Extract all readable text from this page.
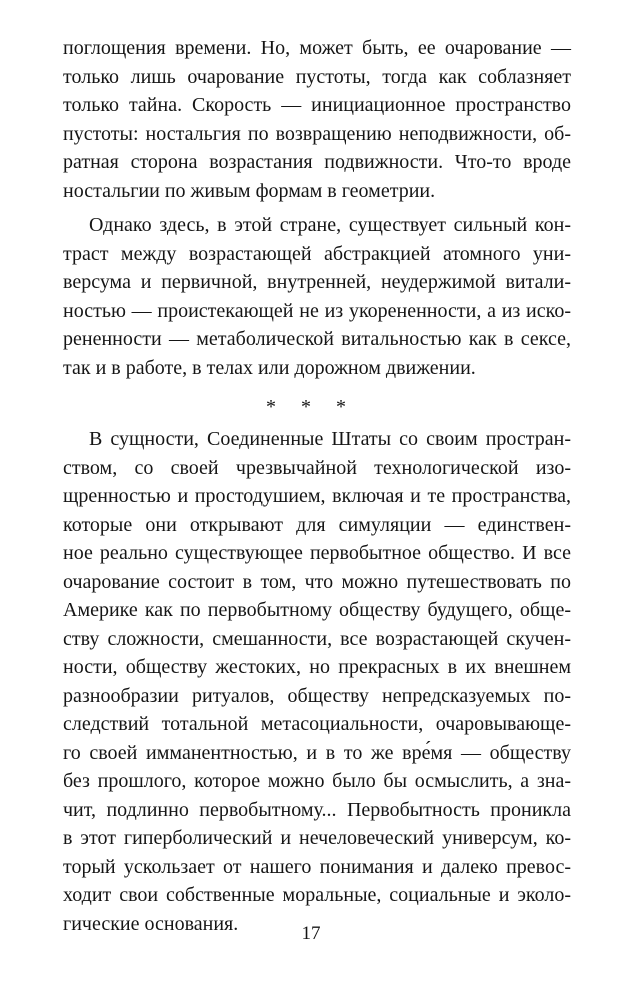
поглощения времени. Но, может быть, ее очарование —
только лишь очарование пустоты, тогда как соблазняет
только тайна. Скорость — инициационное пространство
пустоты: ностальгия по возвращению неподвижности, об-
ратная сторона возрастания подвижности. Что-то вроде
ностальгии по живым формам в геометрии.
Однако здесь, в этой стране, существует сильный кон-
траст между возрастающей абстракцией атомного уни-
версума и первичной, внутренней, неудержимой витали-
ностью — проистекающей не из укорененности, а из иско-
рененности — метаболической витальностью как в сексе,
так и в работе, в телах или дорожном движении.
* * *
В сущности, Соединенные Штаты со своим простран-
ством, со своей чрезвычайной технологической изо-
щренностью и простодушием, включая и те пространства,
которые они открывают для симуляции — единствен-
ное реально существующее первобытное общество. И все
очарование состоит в том, что можно путешествовать по
Америке как по первобытному обществу будущего, обще-
ству сложности, смешанности, все возрастающей скучен-
ности, обществу жестоких, но прекрасных в их внешнем
разнообразии ритуалов, обществу непредсказуемых по-
следствий тотальной метасоциальности, очаровывающе-
го своей имманентностью, и в то же вре́мя — обществу
без прошлого, которое можно было бы осмыслить, а зна-
чит, подлинно первобытному... Первобытность проникла
в этот гиперболический и нечеловеческий универсум, ко-
торый ускользает от нашего понимания и далеко превос-
ходит свои собственные моральные, социальные и эколо-
гические основания.	17
